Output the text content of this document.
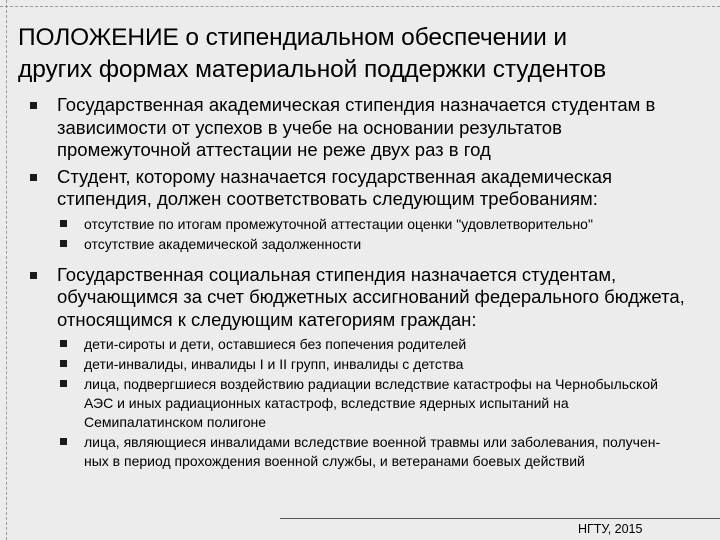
ПОЛОЖЕНИЕ о стипендиальном обеспечении и
других формах материальной поддержки студентов
Государственная академическая стипендия назначается студентам в зависимости от успехов в учебе на основании результатов промежуточной аттестации не реже двух раз в год
Студент, которому назначается государственная академическая стипендия, должен соответствовать следующим требованиям:
отсутствие по итогам промежуточной аттестации оценки "удовлетворительно"
отсутствие академической задолженности
Государственная социальная стипендия назначается студентам, обучающимся за счет бюджетных ассигнований федерального бюджета, относящимся к следующим категориям граждан:
дети-сироты и дети, оставшиеся без попечения родителей
дети-инвалиды, инвалиды I и II групп, инвалиды с детства
лица, подвергшиеся воздействию радиации вследствие катастрофы на Чернобыльской АЭС и иных радиационных катастроф, вследствие ядерных испытаний на Семипалатинском полигоне
лица, являющиеся инвалидами вследствие военной травмы или заболевания, получен-ных в период прохождения военной службы, и ветеранами боевых действий
НГТУ, 2015
